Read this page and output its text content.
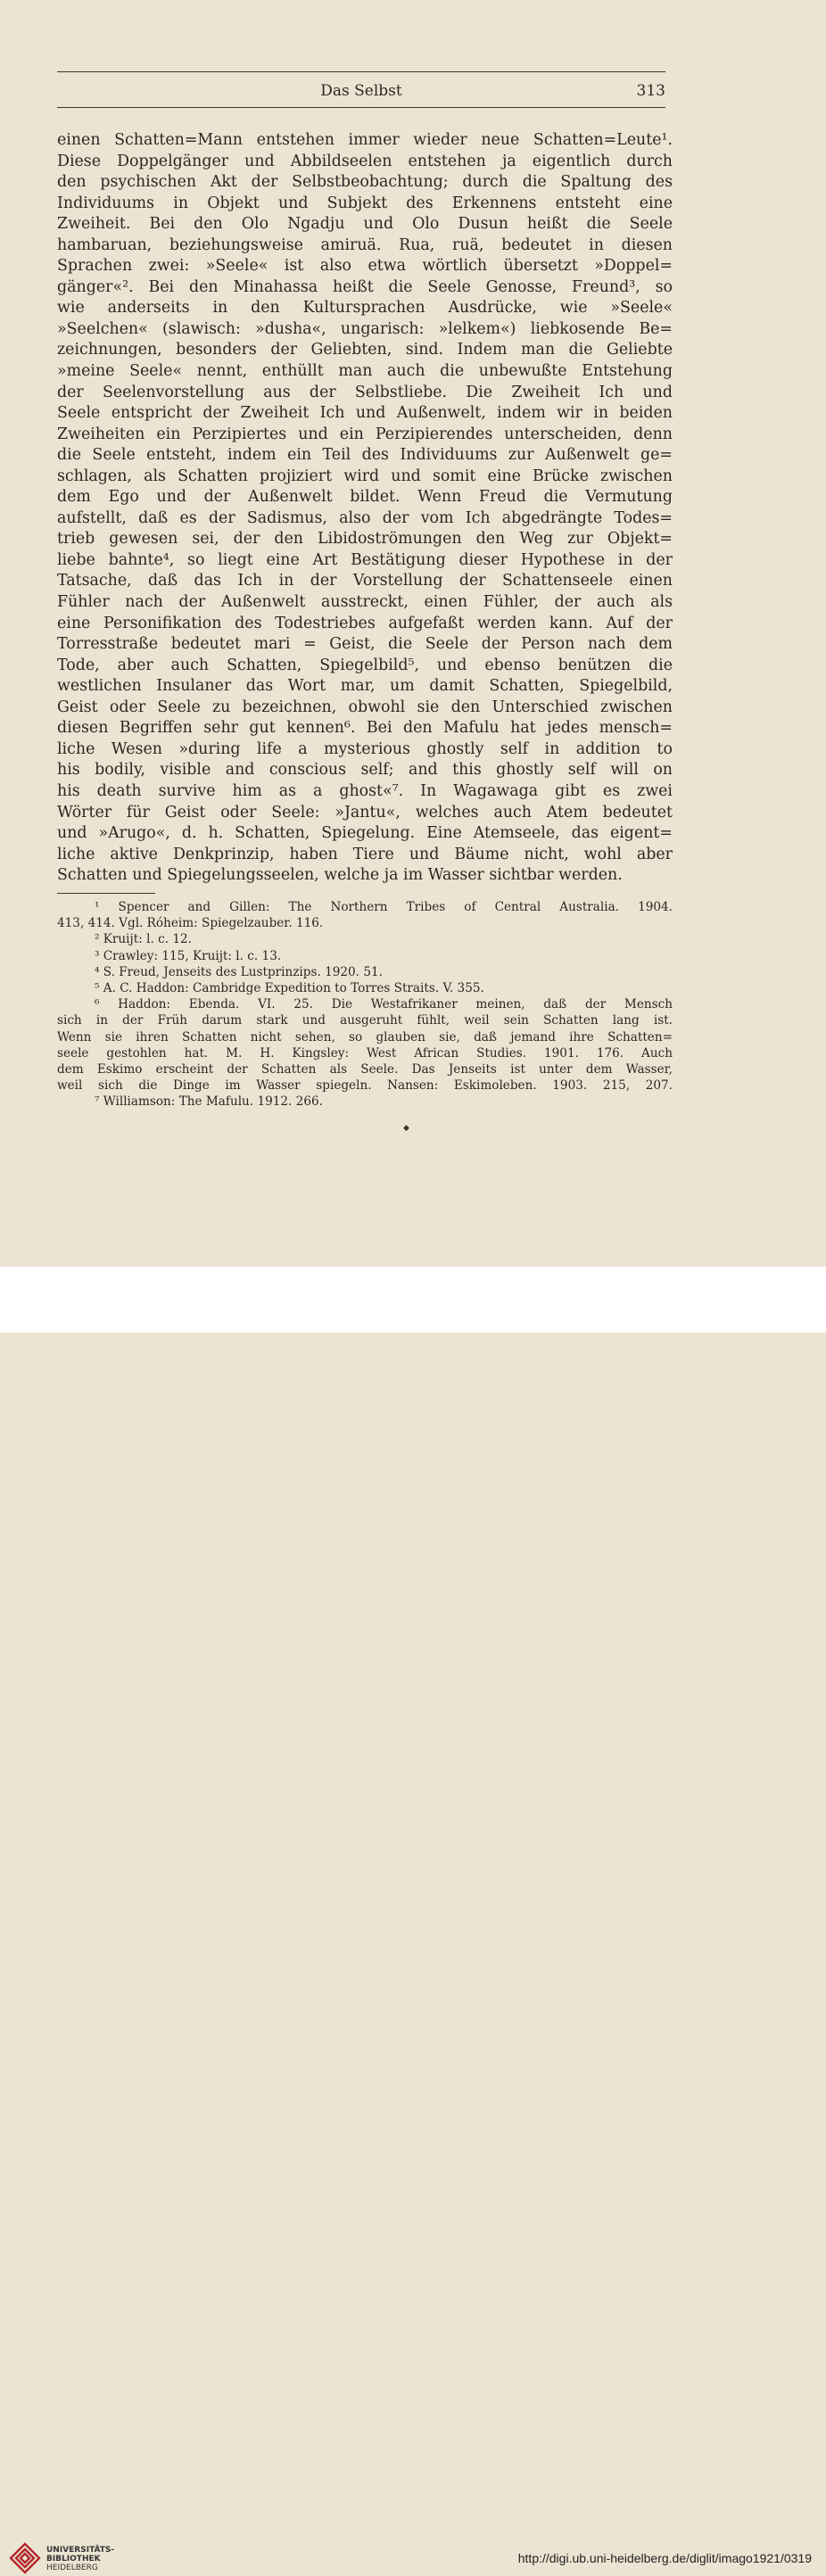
Das Selbst	313
einen Schatten=Mann entstehen immer wieder neue Schatten=Leute¹.
Diese Doppelgänger und Abbildseelen entstehen ja eigentlich durch
den psychischen Akt der Selbstbeobachtung; durch die Spaltung des
Individuums in Objekt und Subjekt des Erkennens entsteht eine
Zweiheit. Bei den Olo Ngadju und Olo Dusun heißt die Seele
hambaruan, beziehungsweise amiruä. Rua, ruä, bedeutet in diesen
Sprachen zwei: »Seele« ist also etwa wörtlich übersetzt »Doppel=
gänger«². Bei den Minahassa heißt die Seele Genosse, Freund³, so
wie anderseits in den Kultursprachen Ausdrücke, wie »Seele«
»Seelchen« (slawisch: »dusha«, ungarisch: »lelkem«) liebkosende Be=
zeichnungen, besonders der Geliebten, sind. Indem man die Geliebte
»meine Seele« nennt, enthüllt man auch die unbewußte Entstehung
der Seelenvorstellung aus der Selbstliebe. Die Zweiheit Ich und
Seele entspricht der Zweiheit Ich und Außenwelt, indem wir in beiden
Zweiheiten ein Perzipiertes und ein Perzipierendes unterscheiden, denn
die Seele entsteht, indem ein Teil des Individuums zur Außenwelt ge=
schlagen, als Schatten projiziert wird und somit eine Brücke zwischen
dem Ego und der Außenwelt bildet. Wenn Freud die Vermutung
aufstellt, daß es der Sadismus, also der vom Ich abgedrängte Todes=
trieb gewesen sei, der den Libidoströmungen den Weg zur Objekt=
liebe bahnte⁴, so liegt eine Art Bestätigung dieser Hypothese in der
Tatsache, daß das Ich in der Vorstellung der Schattenseele einen
Fühler nach der Außenwelt ausstreckt, einen Fühler, der auch als
eine Personifikation des Todestriebes aufgefaßt werden kann. Auf der
Torresstraße bedeutet mari = Geist, die Seele der Person nach dem
Tode, aber auch Schatten, Spiegelbild⁵, und ebenso benützen die
westlichen Insulaner das Wort mar, um damit Schatten, Spiegelbild,
Geist oder Seele zu bezeichnen, obwohl sie den Unterschied zwischen
diesen Begriffen sehr gut kennen⁶. Bei den Mafulu hat jedes mensch=
liche Wesen »during life a mysterious ghostly self in addition to
his bodily, visible and conscious self; and this ghostly self will on
his death survive him as a ghost«⁷. In Wagawaga gibt es zwei
Wörter für Geist oder Seele: »Jantu«, welches auch Atem bedeutet
und »Arugo«, d. h. Schatten, Spiegelung. Eine Atemseele, das eigent=
liche aktive Denkprinzip, haben Tiere und Bäume nicht, wohl aber
Schatten und Spiegelungsseelen, welche ja im Wasser sichtbar werden.
¹ Spencer and Gillen: The Northern Tribes of Central Australia. 1904.
413, 414. Vgl. Róheim: Spiegelzauber. 116.
² Kruijt: l. c. 12.
³ Crawley: 115, Kruijt: l. c. 13.
⁴ S. Freud, Jenseits des Lustprinzips. 1920. 51.
⁵ A. C. Haddon: Cambridge Expedition to Torres Straits. V. 355.
⁶ Haddon: Ebenda. VI. 25. Die Westafrikaner meinen, daß der Mensch
sich in der Früh darum stark und ausgeruht fühlt, weil sein Schatten lang ist.
Wenn sie ihren Schatten nicht sehen, so glauben sie, daß jemand ihre Schatten=
seele gestohlen hat. M. H. Kingsley: West African Studies. 1901. 176. Auch
dem Eskimo erscheint der Schatten als Seele. Das Jenseits ist unter dem Wasser,
weil sich die Dinge im Wasser spiegeln. Nansen: Eskimoleben. 1903. 215, 207.
⁷ Williamson: The Mafulu. 1912. 266.
◆
UNIVERSITÄTS-
BIBLIOTHEK
HEIDELBERG
http://digi.ub.uni-heidelberg.de/diglit/imago1921/0319
